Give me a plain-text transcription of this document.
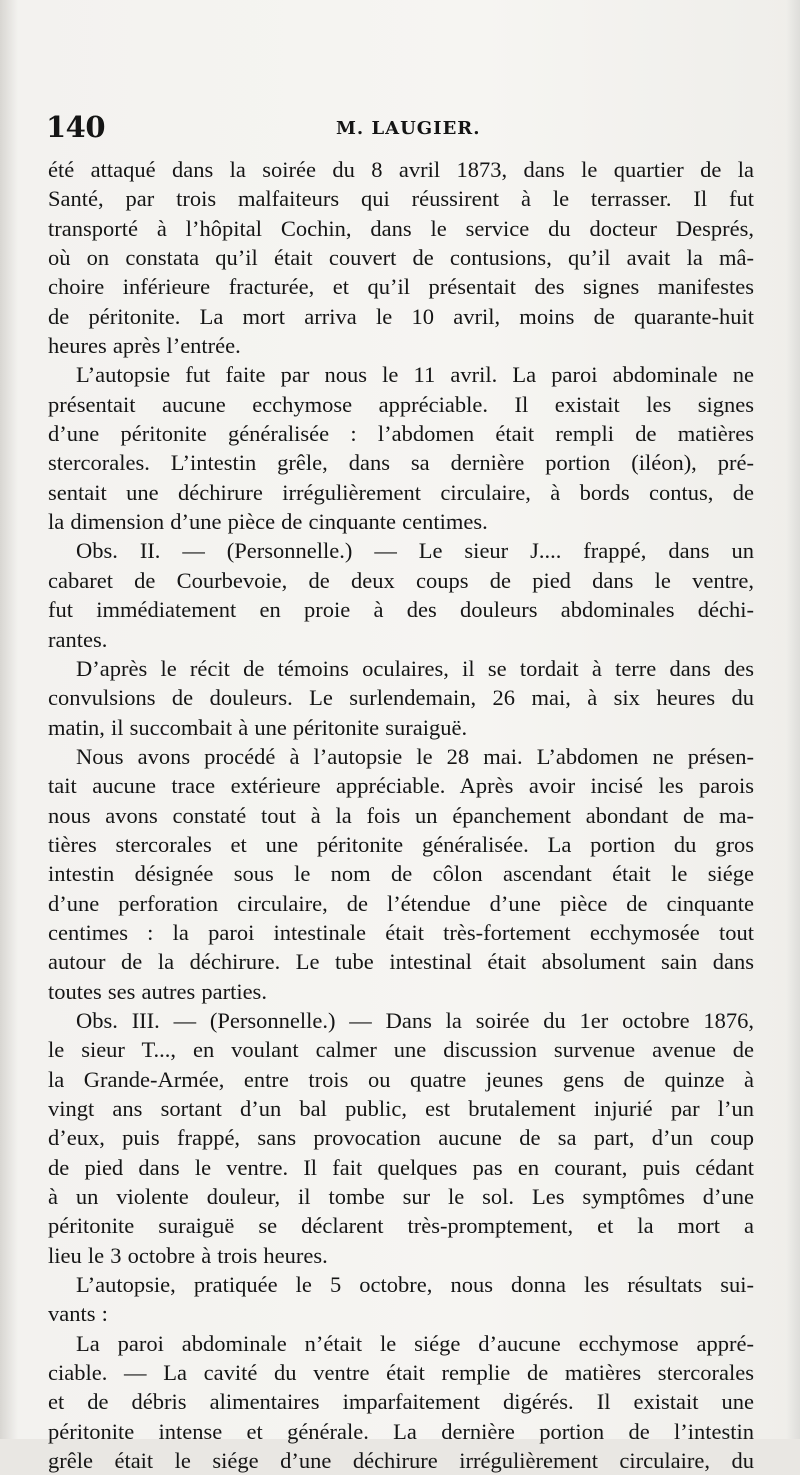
140	M. LAUGIER.
été attaqué dans la soirée du 8 avril 1873, dans le quartier de la
Santé, par trois malfaiteurs qui réussirent à le terrasser. Il fut
transporté à l’hôpital Cochin, dans le service du docteur Després,
où on constata qu’il était couvert de contusions, qu’il avait la mâ-
choire inférieure fracturée, et qu’il présentait des signes manifestes
de péritonite. La mort arriva le 10 avril, moins de quarante-huit
heures après l’entrée.
L’autopsie fut faite par nous le 11 avril. La paroi abdominale ne
présentait aucune ecchymose appréciable. Il existait les signes
d’une péritonite généralisée : l’abdomen était rempli de matières
stercorales. L’intestin grêle, dans sa dernière portion (iléon), pré-
sentait une déchirure irrégulièrement circulaire, à bords contus, de
la dimension d’une pièce de cinquante centimes.
Obs. II. — (Personnelle.) — Le sieur J.... frappé, dans un
cabaret de Courbevoie, de deux coups de pied dans le ventre,
fut immédiatement en proie à des douleurs abdominales déchi-
rantes.
D’après le récit de témoins oculaires, il se tordait à terre dans des
convulsions de douleurs. Le surlendemain, 26 mai, à six heures du
matin, il succombait à une péritonite suraiguë.
Nous avons procédé à l’autopsie le 28 mai. L’abdomen ne présen-
tait aucune trace extérieure appréciable. Après avoir incisé les parois
nous avons constaté tout à la fois un épanchement abondant de ma-
tières stercorales et une péritonite généralisée. La portion du gros
intestin désignée sous le nom de côlon ascendant était le siége
d’une perforation circulaire, de l’étendue d’une pièce de cinquante
centimes : la paroi intestinale était très-fortement ecchymosée tout
autour de la déchirure. Le tube intestinal était absolument sain dans
toutes ses autres parties.
Obs. III. — (Personnelle.) — Dans la soirée du 1er octobre 1876,
le sieur T..., en voulant calmer une discussion survenue avenue de
la Grande-Armée, entre trois ou quatre jeunes gens de quinze à
vingt ans sortant d’un bal public, est brutalement injurié par l’un
d’eux, puis frappé, sans provocation aucune de sa part, d’un coup
de pied dans le ventre. Il fait quelques pas en courant, puis cédant
à un violente douleur, il tombe sur le sol. Les symptômes d’une
péritonite suraiguë se déclarent très-promptement, et la mort a
lieu le 3 octobre à trois heures.
L’autopsie, pratiquée le 5 octobre, nous donna les résultats sui-
vants :
La paroi abdominale n’était le siége d’aucune ecchymose appré-
ciable. — La cavité du ventre était remplie de matières stercorales
et de débris alimentaires imparfaitement digérés. Il existait une
péritonite intense et générale. La dernière portion de l’intestin
grêle était le siége d’une déchirure irrégulièrement circulaire, du
